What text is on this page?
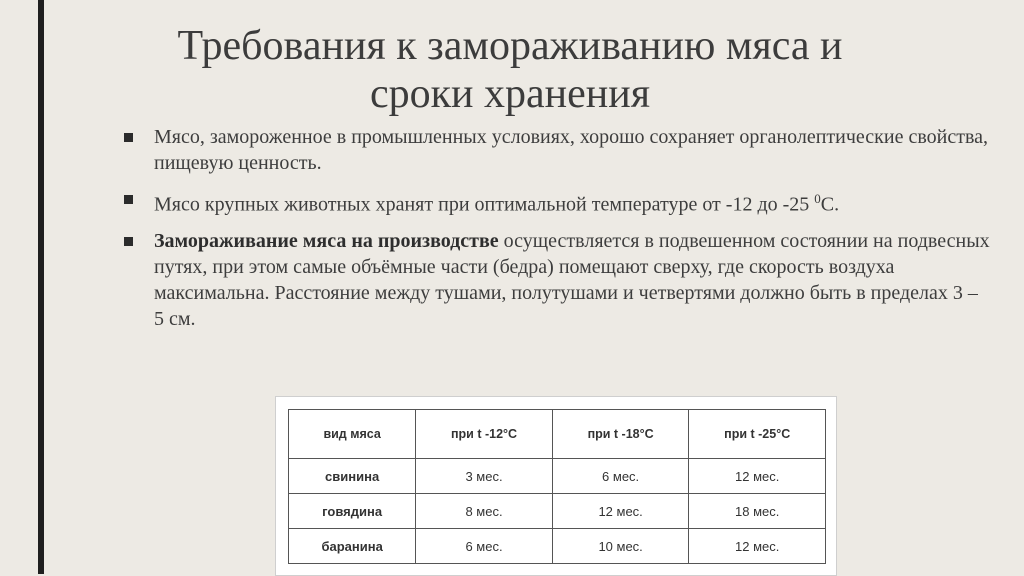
Требования к замораживанию мяса и
сроки хранения
Мясо, замороженное в промышленных условиях, хорошо сохраняет органолептические свойства, пищевую ценность.
Мясо крупных животных хранят при оптимальной температуре от -12 до -25 $^0$С.
Замораживание мяса на производстве осуществляется в подвешенном состоянии на подвесных путях, при этом самые объёмные части (бедра) помещают сверху, где скорость воздуха максимальна. Расстояние между тушами, полутушами и четвертями должно быть в пределах 3 – 5 см.
вид мяса	при t -12°C	при t -18°C	при t -25°C
свинина	3 мес.	6 мес.	12 мес.
говядина	8 мес.	12 мес.	18 мес.
баранина	6 мес.	10 мес.	12 мес.
